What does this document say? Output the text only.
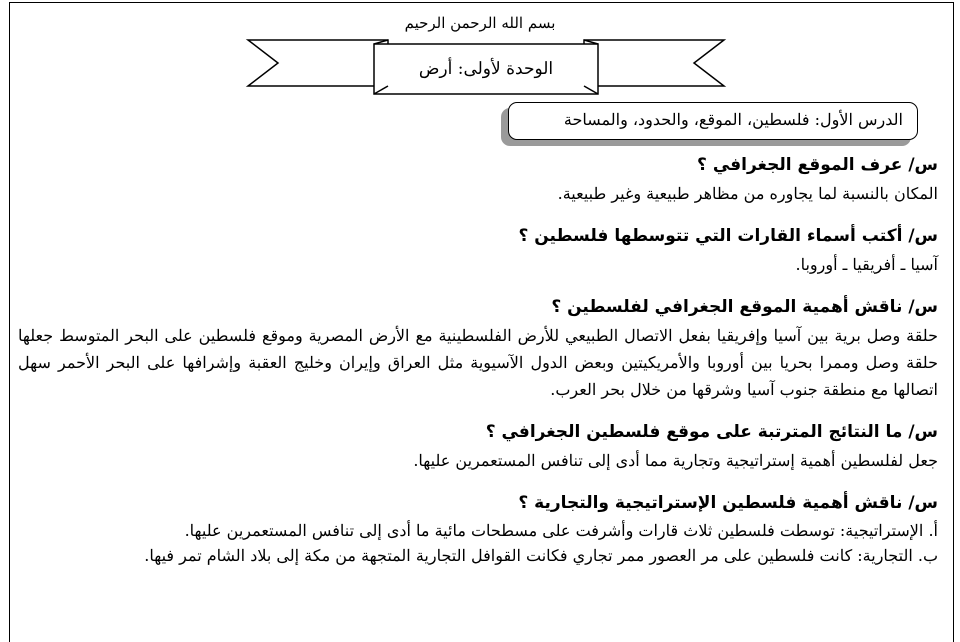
بسم الله الرحمن الرحيم
الوحدة لأولى: أرض
الدرس الأول: فلسطين، الموقع، والحدود، والمساحة

س/ عرف الموقع الجغرافي ؟

المكان بالنسبة لما يجاوره من مظاهر طبيعية وغير طبيعية.

س/ أكتب أسماء القارات التي تتوسطها فلسطين ؟

آسيا ـ أفريقيا ـ أوروبا.

س/ ناقش أهمية الموقع الجغرافي لفلسطين ؟

حلقة وصل برية بين آسيا وإفريقيا بفعل الاتصال الطبيعي للأرض الفلسطينية مع الأرض المصرية وموقع فلسطين على البحر المتوسط جعلها حلقة وصل وممرا بحريا بين أوروبا والأمريكيتين وبعض الدول الآسيوية مثل العراق وإيران وخليج العقبة وإشرافها على البحر الأحمر سهل اتصالها مع منطقة جنوب آسيا وشرقها من خلال بحر العرب.

س/ ما النتائج المترتبة على موقع فلسطين الجغرافي ؟

جعل لفلسطين أهمية إستراتيجية وتجارية مما أدى إلى تنافس المستعمرين عليها.

س/ ناقش أهمية فلسطين الإستراتيجية والتجارية ؟

أ. الإستراتيجية: توسطت فلسطين ثلاث قارات وأشرفت على مسطحات مائية ما أدى إلى تنافس المستعمرين عليها.
ب. التجارية: كانت فلسطين على مر العصور ممر تجاري فكانت القوافل التجارية المتجهة من مكة إلى بلاد الشام تمر فيها.
